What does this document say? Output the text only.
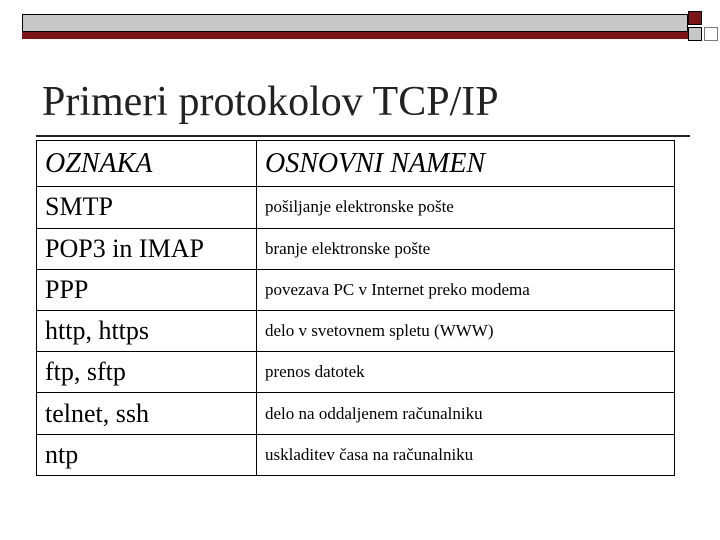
Primeri protokolov TCP/IP
OZNAKA	OSNOVNI NAMEN
SMTP	pošiljanje elektronske pošte
POP3 in IMAP	branje elektronske pošte
PPP	povezava PC v Internet preko modema
http, https	delo v svetovnem spletu (WWW)
ftp, sftp	prenos datotek
telnet, ssh	delo na oddaljenem računalniku
ntp	uskladitev časa na računalniku
